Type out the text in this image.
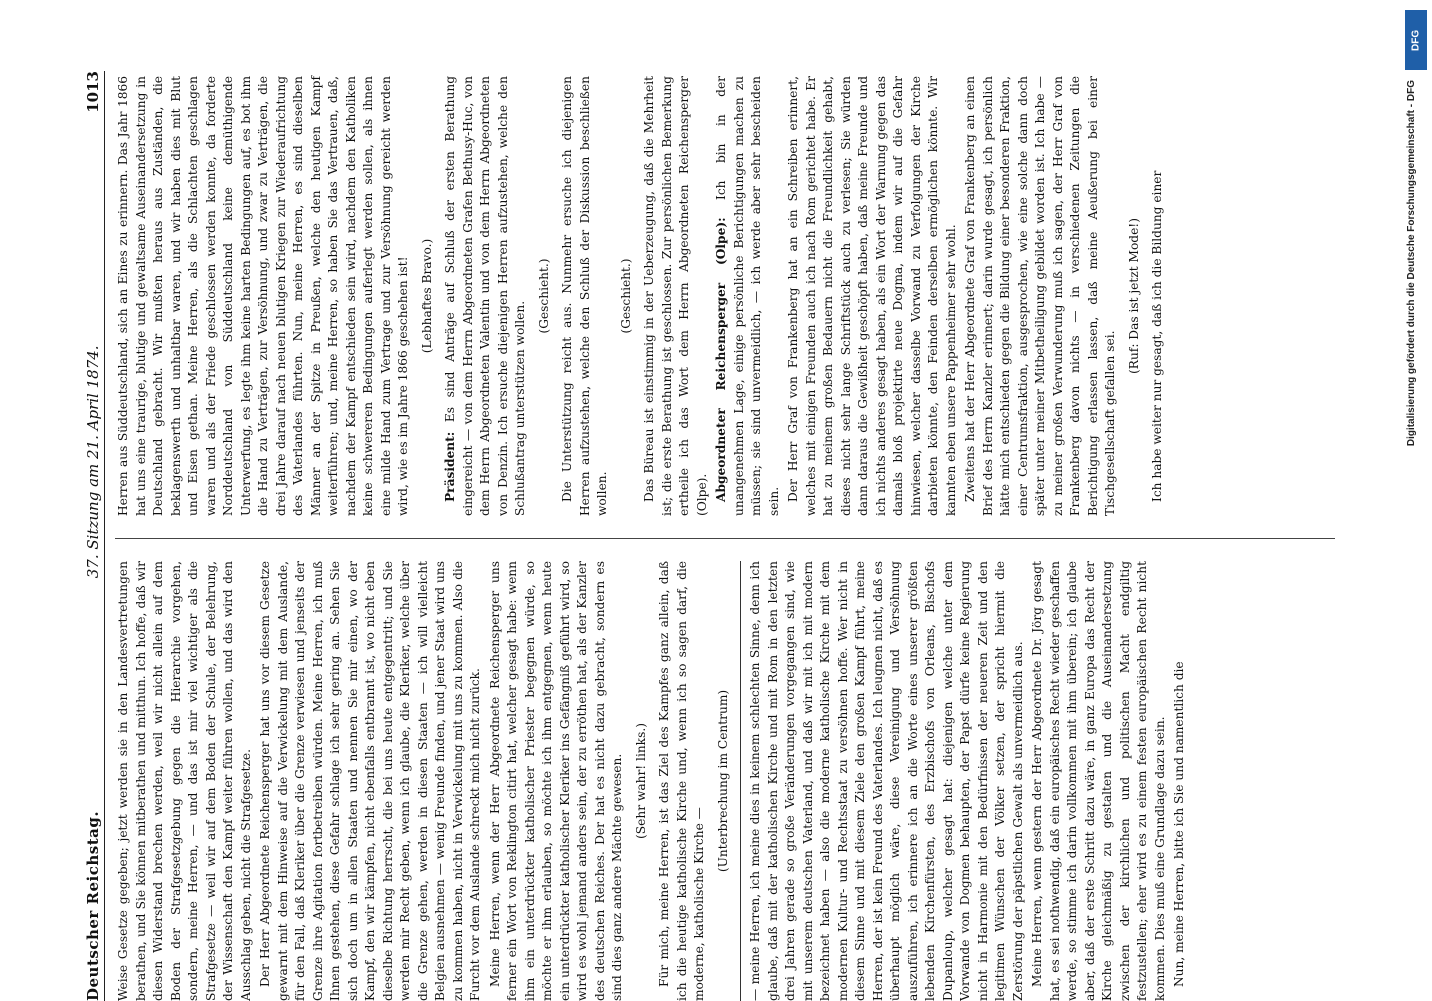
Deutscher Reichstag.
37. Sitzung am 21. April 1874.
1013

Weise Gesetze gegeben; jetzt werden sie in den Landesvertretungen berathen, und Sie können mitberathen und mitthun. Ich hoffe, daß wir diesen Widerstand brechen werden, weil wir nicht allein auf dem Boden der Strafgesetzgebung gegen die Hierarchie vorgehen, sondern, meine Herren, — und das ist mir viel wichtiger als die Strafgesetze — weil wir auf dem Boden der Schule, der Belehrung, der Wissenschaft den Kampf weiter führen wollen, und das wird den Ausschlag geben, nicht die Strafgesetze. Der Herr Abgeordnete Reichensperger hat uns vor diesem Gesetze gewarnt mit dem Hinweise auf die Verwickelung mit dem Auslande, für den Fall, daß Kleriker über die Grenze verwiesen und jenseits der Grenze ihre Agitation fortbetreiben würden. Meine Herren, ich muß Ihnen gestehen, diese Gefahr schlage ich sehr gering an. Sehen Sie sich doch um in allen Staaten und nennen Sie mir einen, wo der Kampf, den wir kämpfen, nicht ebenfalls entbrannt ist, wo nicht eben dieselbe Richtung herrscht, die bei uns heute entgegentritt; und Sie werden mir Recht geben, wenn ich glaube, die Kleriker, welche über die Grenze gehen, werden in diesen Staaten — ich will vielleicht Belgien ausnehmen — wenig Freunde finden, und jener Staat wird uns zu kommen haben, nicht in Verwickelung mit uns zu kommen. Also die Furcht vor dem Auslande schreckt mich nicht zurück. Meine Herren, wenn der Herr Abgeordnete Reichensperger uns ferner ein Wort von Reklington citirt hat, welcher gesagt habe: wenn ihm ein unterdrückter katholischer Priester begegnen würde, so möchte er ihm erlauben, so möchte ich ihm entgegnen, wenn heute ein unterdrückter katholischer Kleriker ins Gefängniß geführt wird, so wird es wohl jemand anders sein, der zu erröthen hat, als der Kanzler des deutschen Reiches. Der hat es nicht dazu gebracht, sondern es sind dies ganz andere Mächte gewesen. (Sehr wahr! links.) Für mich, meine Herren, ist das Ziel des Kampfes ganz allein, daß ich die heutige katholische Kirche und, wenn ich so sagen darf, die moderne, katholische Kirche —

(Unterbrechung im Centrum) — meine Herren, ich meine dies in keinem schlechten Sinne, denn ich glaube, daß mit der katholischen Kirche und mit Rom in den letzten drei Jahren gerade so große Veränderungen vorgegangen sind, wie mit unserem deutschen Vaterland, und daß wir mit ich mit modern bezeichnet haben — also die moderne katholische Kirche mit dem modernen Kultur- und Rechtsstaat zu versöhnen hoffe. Wer nicht in diesem Sinne und mit diesem Ziele den großen Kampf führt, meine Herren, der ist kein Freund des Vaterlandes. Ich leugnen nicht, daß es überhaupt möglich wäre, diese Vereinigung und Versöhnung auszuführen, ich erinnere ich an die Worte eines unserer größten lebenden Kirchenfürsten, des Erzbischofs von Orleans, Bischofs Dupanloup, welcher gesagt hat: diejenigen welche unter dem Vorwande von Dogmen behaupten, der Papst dürfe keine Regierung nicht in Harmonie mit den Bedürfnissen der neueren Zeit und den legitimen Wünschen der Völker setzen, der spricht hiermit die Zerstörung der päpstlichen Gewalt als unvermeidlich aus. Meine Herren, wenn gestern der Herr Abgeordnete Dr. Jörg gesagt hat, es sei nothwendig, daß ein europäisches Recht wieder geschaffen werde, so stimme ich darin vollkommen mit ihm überein; ich glaube aber, daß der erste Schritt dazu wäre, in ganz Europa das Recht der Kirche gleichmäßig zu gestalten und die Auseinandersetzung zwischen der kirchlichen und politischen Macht endgiltig festzustellen; eher wird es zu einem festen europäischen Recht nicht kommen. Dies muß eine Grundlage dazu sein. Nun, meine Herren, bitte ich Sie und namentlich die

Herren aus Süddeutschland, sich an Eines zu erinnern. Das Jahr 1866 hat uns eine traurige, blutige und gewaltsame Auseinandersetzung in Deutschland gebracht. Wir mußten heraus aus Zuständen, die beklagenswerth und unhaltbar waren, und wir haben dies mit Blut und Eisen gethan. Meine Herren, als die Schlachten geschlagen waren und als der Friede geschlossen werden konnte, da forderte Norddeutschland von Süddeutschland keine demüthigende Unterwerfung, es legte ihm keine harten Bedingungen auf, es bot ihm die Hand zu Verträgen, zur Versöhnung, und zwar zu Verträgen, die drei Jahre darauf nach neuen blutigen Kriegen zur Wiederaufrichtung des Vaterlandes führten. Nun, meine Herren, es sind dieselben Männer an der Spitze in Preußen, welche den heutigen Kampf weiterführen; und, meine Herren, so haben Sie das Vertrauen, daß, nachdem der Kampf entschieden sein wird, nachdem den Katholiken keine schwereren Bedingungen auferlegt werden sollen, als ihnen eine milde Hand zum Vertrage und zur Versöhnung gereicht werden wird, wie es im Jahre 1866 geschehen ist! (Lebhaftes Bravo.)

Präsident: Es sind Anträge auf Schluß der ersten Berathung eingereicht — von dem Herrn Abgeordneten Grafen Bethusy-Huc, von dem Herrn Abgeordneten Valentin und von dem Herrn Abgeordneten von Denzin. Ich ersuche diejenigen Herren aufzustehen, welche den Schlußantrag unterstützen wollen.

(Geschieht.) Die Unterstützung reicht aus. Nunmehr ersuche ich diejenigen Herren aufzustehen, welche den Schluß der Diskussion beschließen wollen.

(Geschieht.) Das Büreau ist einstimmig in der Ueberzeugung, daß die Mehrheit ist; die erste Berathung ist geschlossen. Zur persönlichen Bemerkung ertheile ich das Wort dem Herrn Abgeordneten Reichensperger (Olpe). Abgeordneter Reichensperger (Olpe): Ich bin in der unangenehmen Lage, einige persönliche Berichtigungen machen zu müssen; sie sind unvermeidlich, — ich werde aber sehr bescheiden sein. Der Herr Graf von Frankenberg hat an ein Schreiben erinnert, welches mit einigen Freunden auch ich nach Rom gerichtet habe. Er hat zu meinem großen Bedauern nicht die Freundlichkeit gehabt, dieses nicht sehr lange Schriftstück auch zu verlesen; Sie würden dann daraus die Gewißheit geschöpft haben, daß meine Freunde und ich nichts anderes gesagt haben, als ein Wort der Warnung gegen das damals bloß projektirte neue Dogma, indem wir auf die Gefahr hinwiesen, welcher dasselbe Vorwand zu Verfolgungen der Kirche darbieten könnte, den Feinden derselben ermöglichen könnte. Wir kannten eben unsere Pappenheimer sehr wohl. Zweitens hat der Herr Abgeordnete Graf von Frankenberg an einen Brief des Herrn Kanzler erinnert; darin wurde gesagt, ich persönlich hätte mich entschieden gegen die Bildung einer besonderen Fraktion, einer Centrumsfraktion, ausgesprochen, wie eine solche dann doch später unter meiner Mitbetheiligung gebildet worden ist. Ich habe — zu meiner großen Verwunderung muß ich sagen, der Herr Graf von Frankenberg davon nichts — in verschiedenen Zeitungen die Berichtigung erlassen lassen, daß meine Aeußerung bei einer Tischgesellschaft gefallen sei.

(Ruf: Das ist jetzt Mode!) Ich habe weiter nur gesagt, daß ich die Bildung einer

DFG
Digitalisierung gefördert durch die Deutsche Forschungsgemeinschaft - DFG
